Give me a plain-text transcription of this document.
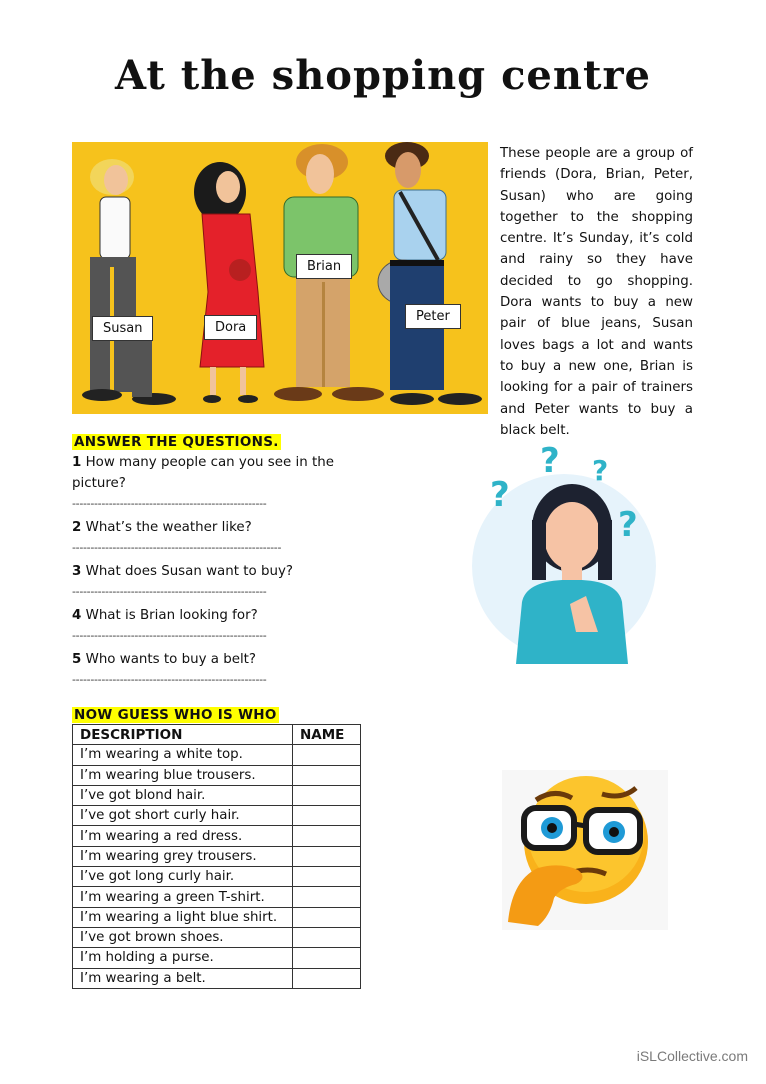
At the shopping centre
Susan	Dora
Brian
Peter
These people are a group of friends (Dora, Brian, Peter, Susan) who are going together to the shopping centre. It’s Sunday, it’s cold and rainy so they have decided to go shopping. Dora wants to buy a new pair of blue jeans, Susan loves bags a lot and wants to buy a new one, Brian is looking for a pair of trainers and Peter wants to buy a black belt.
ANSWER THE QUESTIONS.
1 How many people can you see in the picture?
-----------------------------------------------------
2 What’s the weather like?
---------------------------------------------------------
3 What does Susan want to buy?
-----------------------------------------------------
4 What is Brian looking for?
-----------------------------------------------------
5 Who wants to buy a belt?
-----------------------------------------------------
NOW GUESS WHO IS WHO
DESCRIPTION	NAME
I’m wearing a white top.	
I’m wearing blue trousers.	
I’ve got blond hair.	
I’ve got short curly hair.	
I’m wearing a red dress.	
I’m wearing grey trousers.	
I’ve got long curly hair.	
I’m wearing a green T-shirt.	
I’m wearing a light blue shirt.	
I’ve got brown shoes.	
I’m holding a purse.	
I’m wearing a belt.	
?
? ?
?
iSLCollective.com
